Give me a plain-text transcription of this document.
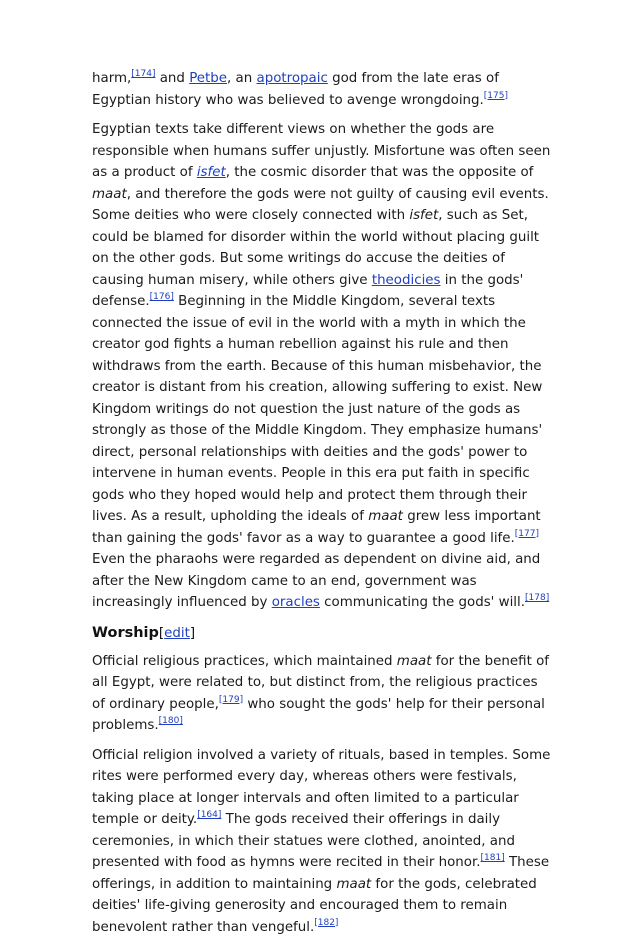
harm,[174] and Petbe, an apotropaic god from the late eras of Egyptian history who was believed to avenge wrongdoing.[175]

Egyptian texts take different views on whether the gods are responsible when humans suffer unjustly. Misfortune was often seen as a product of isfet, the cosmic disorder that was the opposite of maat, and therefore the gods were not guilty of causing evil events. Some deities who were closely connected with isfet, such as Set, could be blamed for disorder within the world without placing guilt on the other gods. But some writings do accuse the deities of causing human misery, while others give theodicies in the gods' defense.[176] Beginning in the Middle Kingdom, several texts connected the issue of evil in the world with a myth in which the creator god fights a human rebellion against his rule and then withdraws from the earth. Because of this human misbehavior, the creator is distant from his creation, allowing suffering to exist. New Kingdom writings do not question the just nature of the gods as strongly as those of the Middle Kingdom. They emphasize humans' direct, personal relationships with deities and the gods' power to intervene in human events. People in this era put faith in specific gods who they hoped would help and protect them through their lives. As a result, upholding the ideals of maat grew less important than gaining the gods' favor as a way to guarantee a good life.[177] Even the pharaohs were regarded as dependent on divine aid, and after the New Kingdom came to an end, government was increasingly influenced by oracles communicating the gods' will.[178]

Worship[edit]

Official religious practices, which maintained maat for the benefit of all Egypt, were related to, but distinct from, the religious practices of ordinary people,[179] who sought the gods' help for their personal problems.[180]

Official religion involved a variety of rituals, based in temples. Some rites were performed every day, whereas others were festivals, taking place at longer intervals and often limited to a particular temple or deity.[164] The gods received their offerings in daily ceremonies, in which their statues were clothed, anointed, and presented with food as hymns were recited in their honor.[181] These offerings, in addition to maintaining maat for the gods, celebrated deities' life-giving generosity and encouraged them to remain benevolent rather than vengeful.[182]
